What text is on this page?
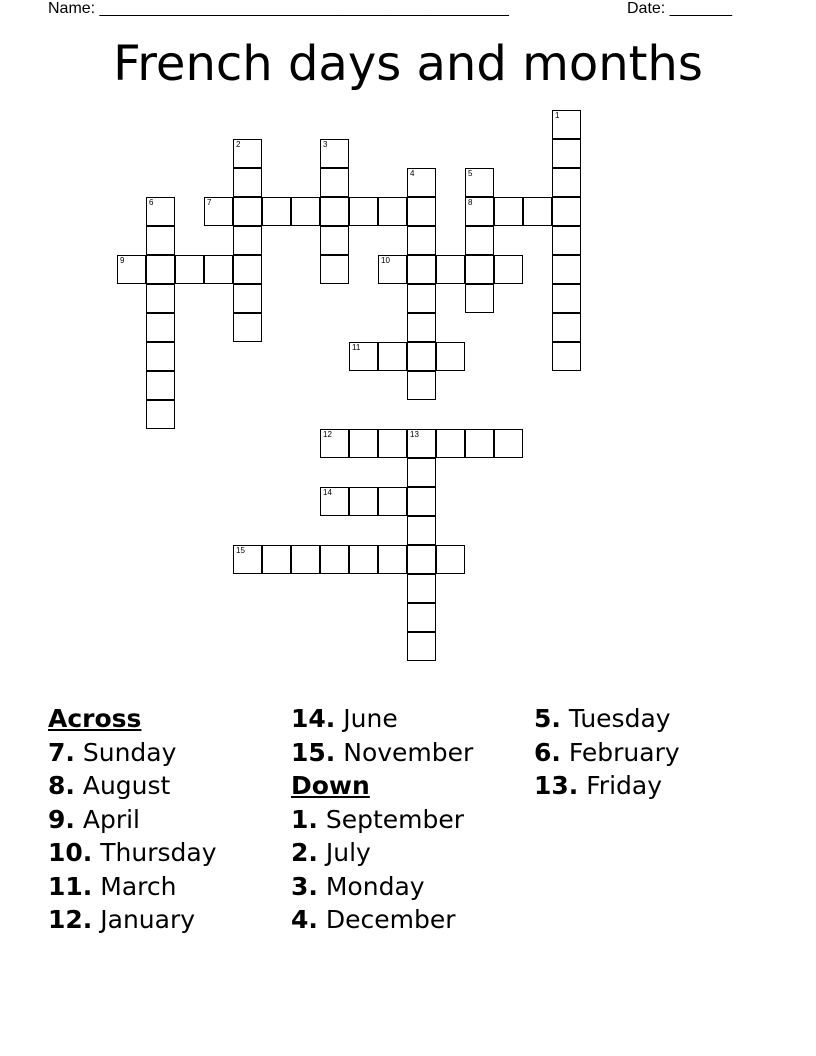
Name: ______________________________________________	Date: _______
French days and months
1
2	3
4	5
8
6	7
9	10
11
12	13
14
15
Across
7. Sunday
8. August
9. April
10. Thursday
11. March
12. January
14. June
15. November
Down
1. September
2. July
3. Monday
4. December
5. Tuesday
6. February
13. Friday
